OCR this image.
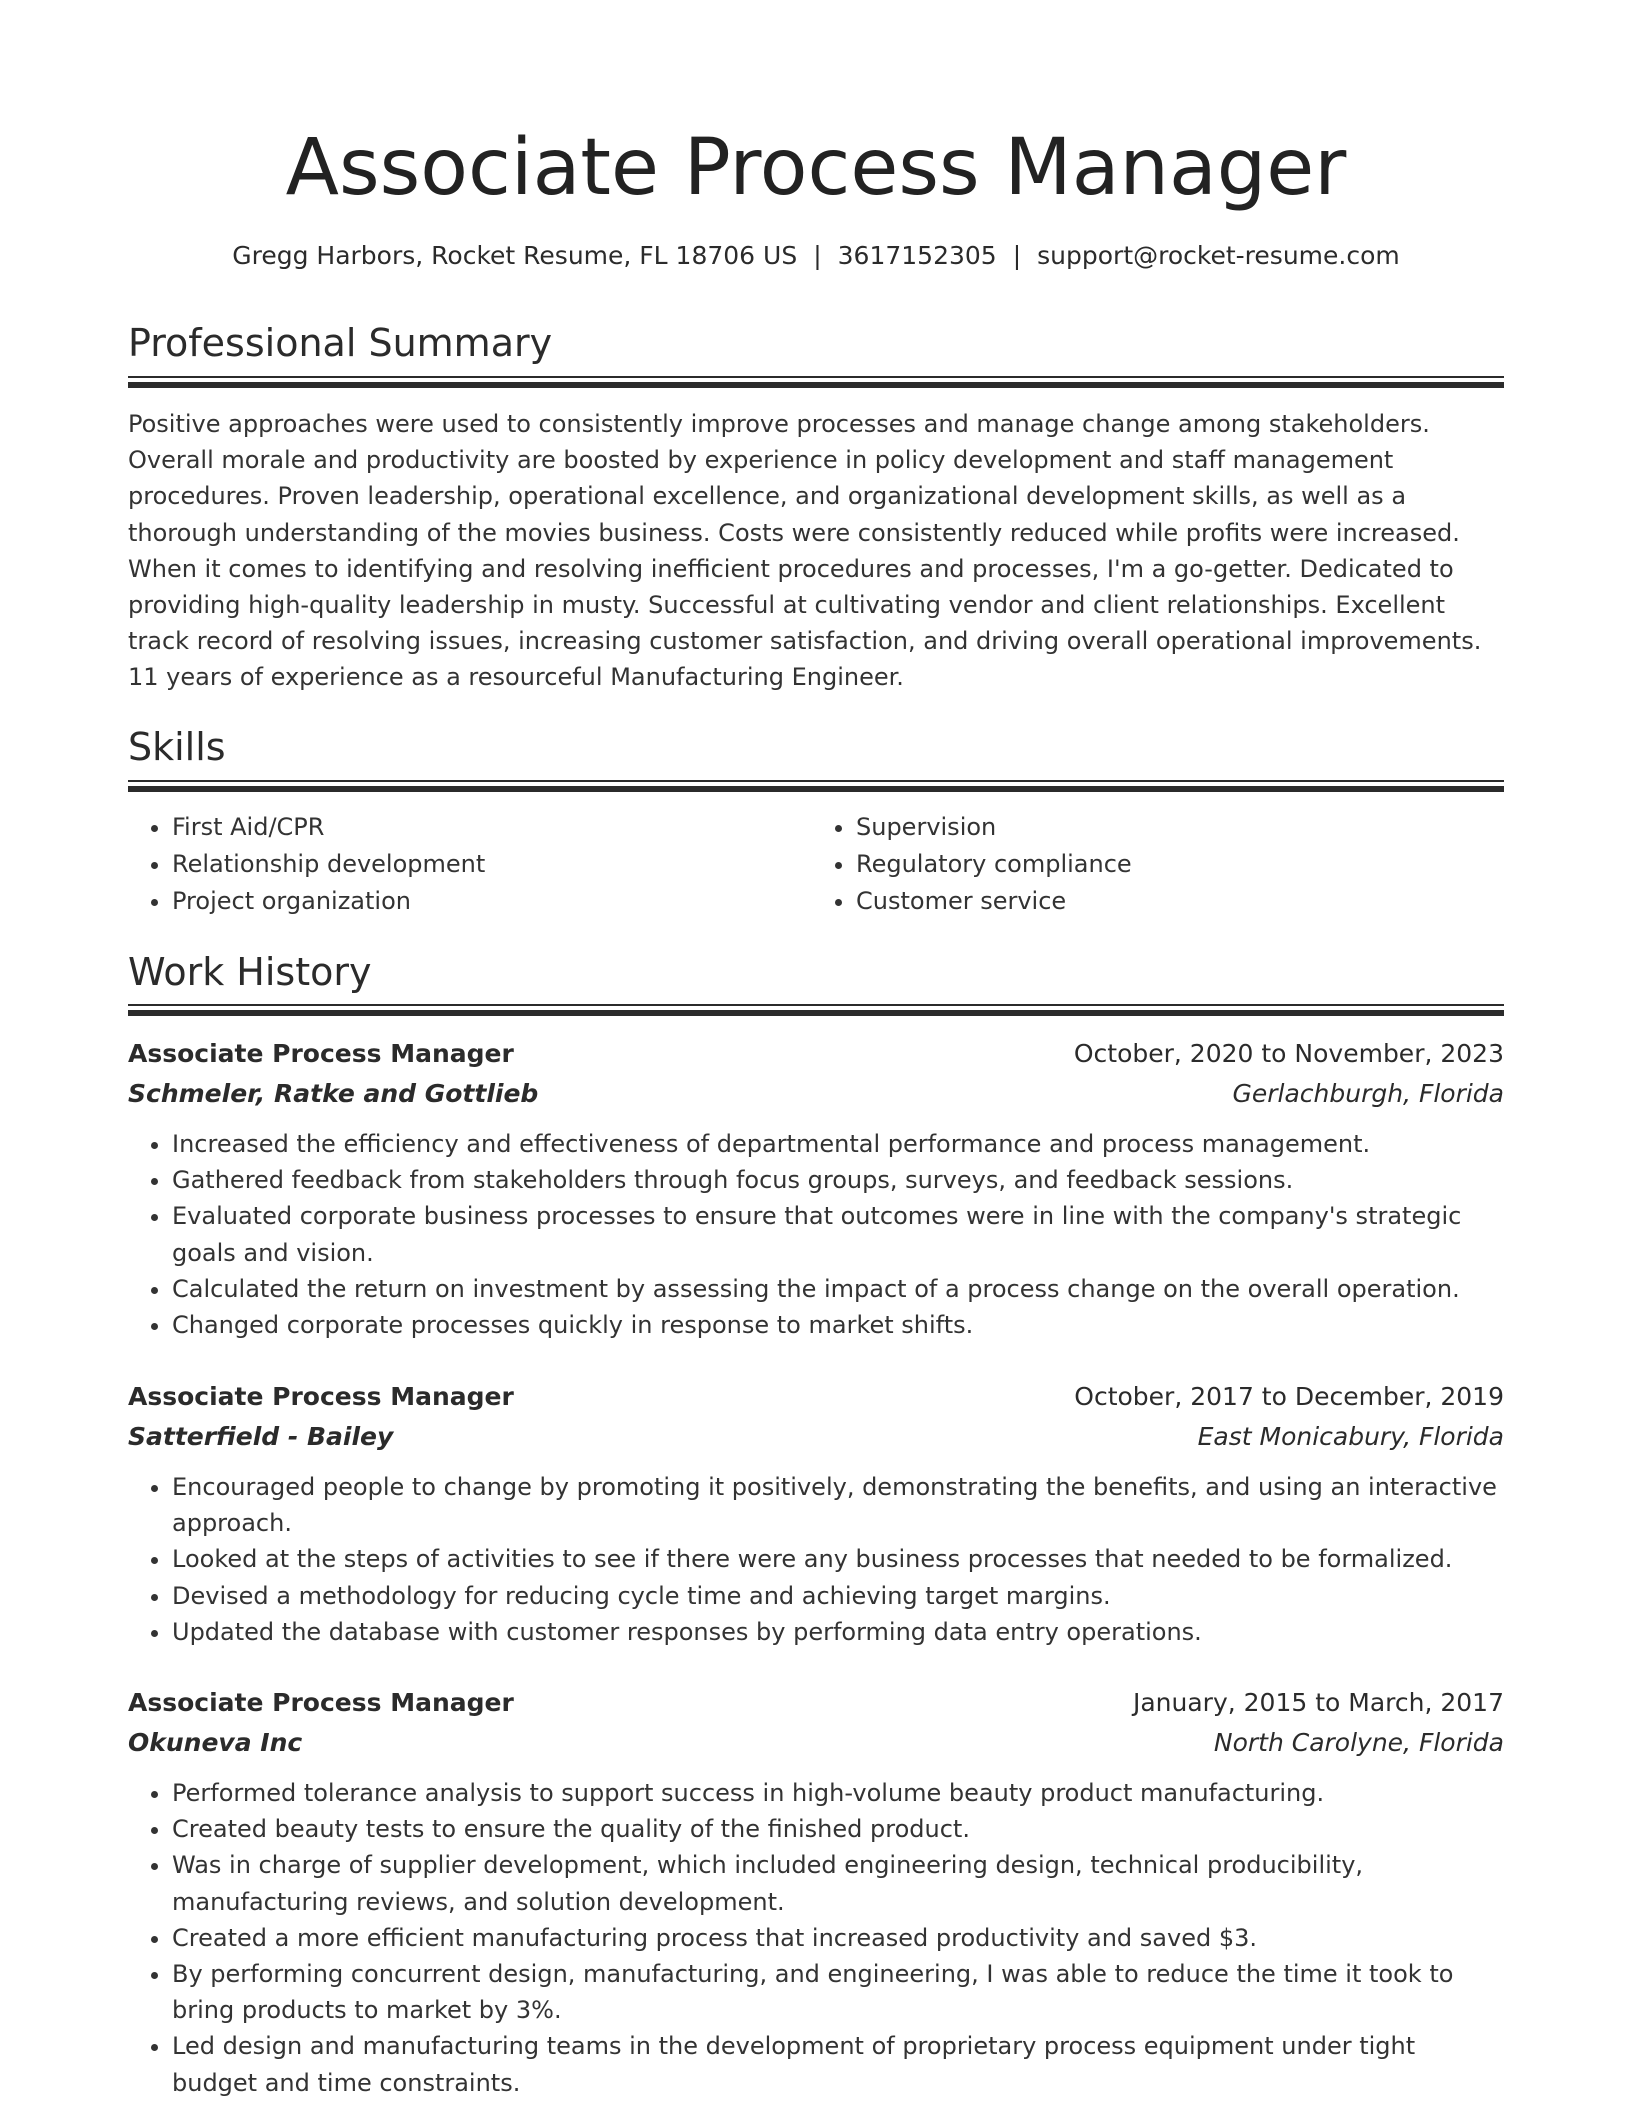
Associate Process Manager
Gregg Harbors, Rocket Resume, FL 18706 US | 3617152305 | support@rocket-resume.com
Professional Summary

Positive approaches were used to consistently improve processes and manage change among stakeholders. Overall morale and productivity are boosted by experience in policy development and staff management procedures. Proven leadership, operational excellence, and organizational development skills, as well as a thorough understanding of the movies business. Costs were consistently reduced while profits were increased. When it comes to identifying and resolving inefficient procedures and processes, I'm a go-getter. Dedicated to providing high-quality leadership in musty. Successful at cultivating vendor and client relationships. Excellent track record of resolving issues, increasing customer satisfaction, and driving overall operational improvements. 11 years of experience as a resourceful Manufacturing Engineer.

Skills
• First Aid/CPR
• Relationship development
• Project organization
• Supervision
• Regulatory compliance
• Customer service
Work History
Associate Process Manager	October, 2020 to November, 2023
Schmeler, Ratke and Gottlieb	Gerlachburgh, Florida
• Increased the efficiency and effectiveness of departmental performance and process management.
• Gathered feedback from stakeholders through focus groups, surveys, and feedback sessions.
• Evaluated corporate business processes to ensure that outcomes were in line with the company's strategic goals and vision.
• Calculated the return on investment by assessing the impact of a process change on the overall operation.
• Changed corporate processes quickly in response to market shifts.
Associate Process Manager	October, 2017 to December, 2019
Satterfield - Bailey	East Monicabury, Florida
• Encouraged people to change by promoting it positively, demonstrating the benefits, and using an interactive approach.
• Looked at the steps of activities to see if there were any business processes that needed to be formalized.
• Devised a methodology for reducing cycle time and achieving target margins.
• Updated the database with customer responses by performing data entry operations.
Associate Process Manager	January, 2015 to March, 2017
Okuneva Inc	North Carolyne, Florida
• Performed tolerance analysis to support success in high-volume beauty product manufacturing.
• Created beauty tests to ensure the quality of the finished product.
• Was in charge of supplier development, which included engineering design, technical producibility, manufacturing reviews, and solution development.
• Created a more efficient manufacturing process that increased productivity and saved $3.
• By performing concurrent design, manufacturing, and engineering, I was able to reduce the time it took to bring products to market by 3%.
• Led design and manufacturing teams in the development of proprietary process equipment under tight budget and time constraints.
